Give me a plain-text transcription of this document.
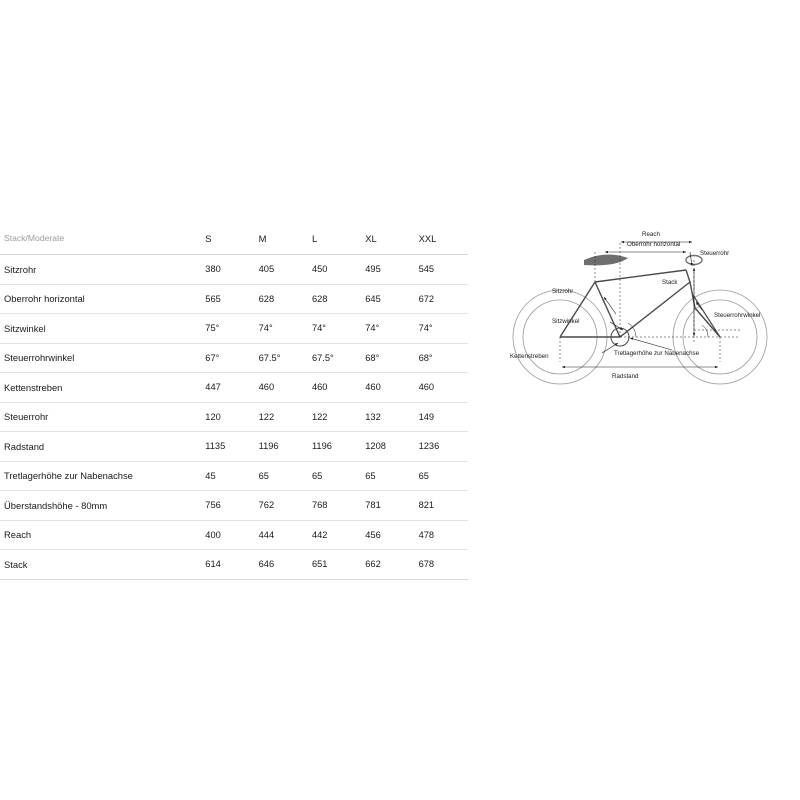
Stack/Moderate	S	M	L	XL	XXL
Sitzrohr	380	405	450	495	545
Oberrohr horizontal	565	628	628	645	672
Sitzwinkel	75°	74°	74°	74°	74°
Steuerrohrwinkel	67°	67.5°	67.5°	68°	68°
Kettenstreben	447	460	460	460	460
Steuerrohr	120	122	122	132	149
Radstand	1135	1196	1196	1208	1236
Tretlagerhöhe zur Nabenachse	45	65	65	65	65
Überstandshöhe - 80mm	756	762	768	781	821
Reach	400	444	442	456	478
Stack	614	646	651	662	678
Reach
Oberrohr horizontal
Steuerrohr
Stack
Sitzrohr
Sitzwinkel
Steuerrohrwinkel
Kettenstreben	Tretlagerhöhe zur Nabenachse
Radstand
